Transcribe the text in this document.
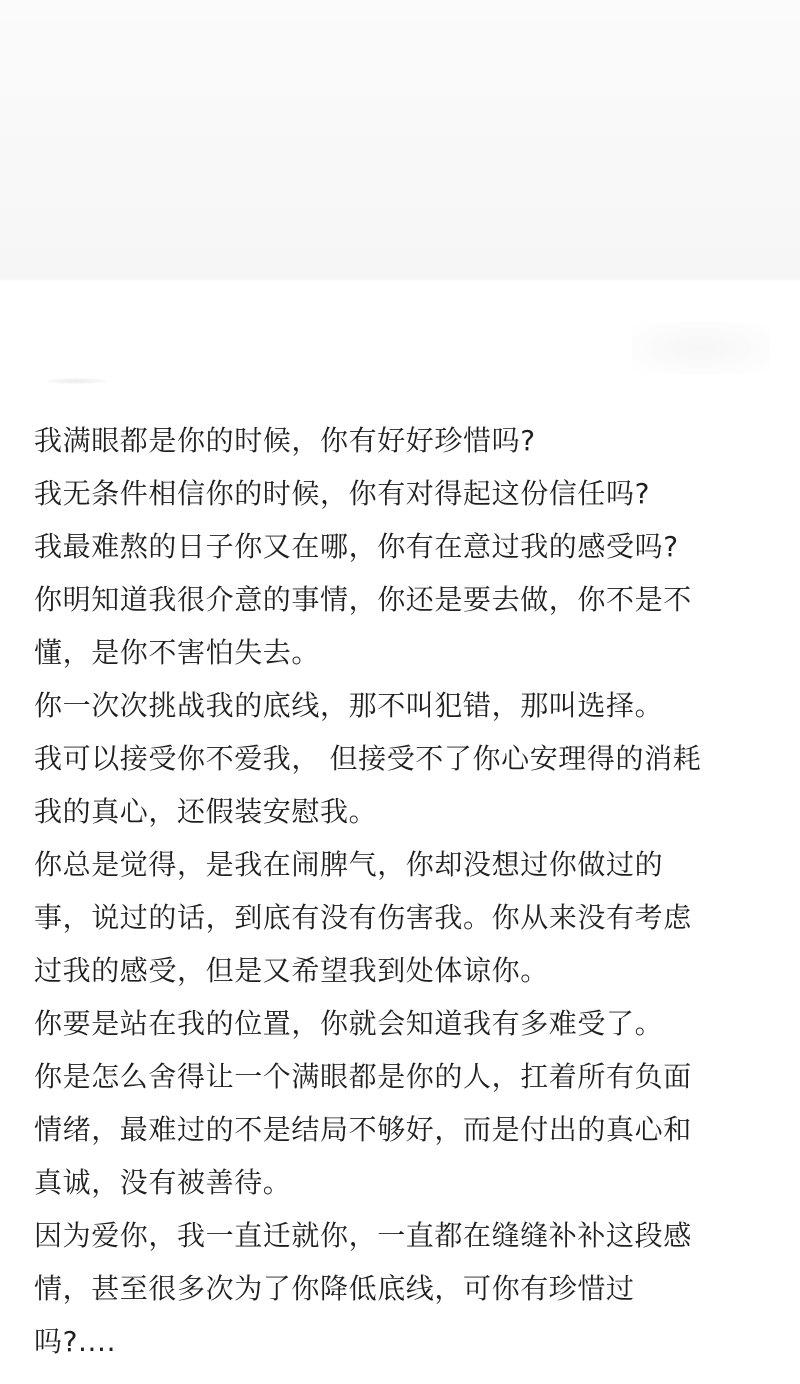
我满眼都是你的时候，你有好好珍惜吗?
我无条件相信你的时候，你有对得起这份信任吗?
我最难熬的日子你又在哪，你有在意过我的感受吗?
你明知道我很介意的事情，你还是要去做，你不是不
懂，是你不害怕失去。
你一次次挑战我的底线，那不叫犯错，那叫选择。
我可以接受你不爱我， 但接受不了你心安理得的消耗
我的真心，还假装安慰我。
你总是觉得，是我在闹脾气，你却没想过你做过的
事，说过的话，到底有没有伤害我。你从来没有考虑
过我的感受，但是又希望我到处体谅你。
你要是站在我的位置，你就会知道我有多难受了。
你是怎么舍得让一个满眼都是你的人，扛着所有负面
情绪，最难过的不是结局不够好，而是付出的真心和
真诚，没有被善待。
因为爱你，我一直迁就你，一直都在缝缝补补这段感
情，甚至很多次为了你降低底线，可你有珍惜过
吗?....
